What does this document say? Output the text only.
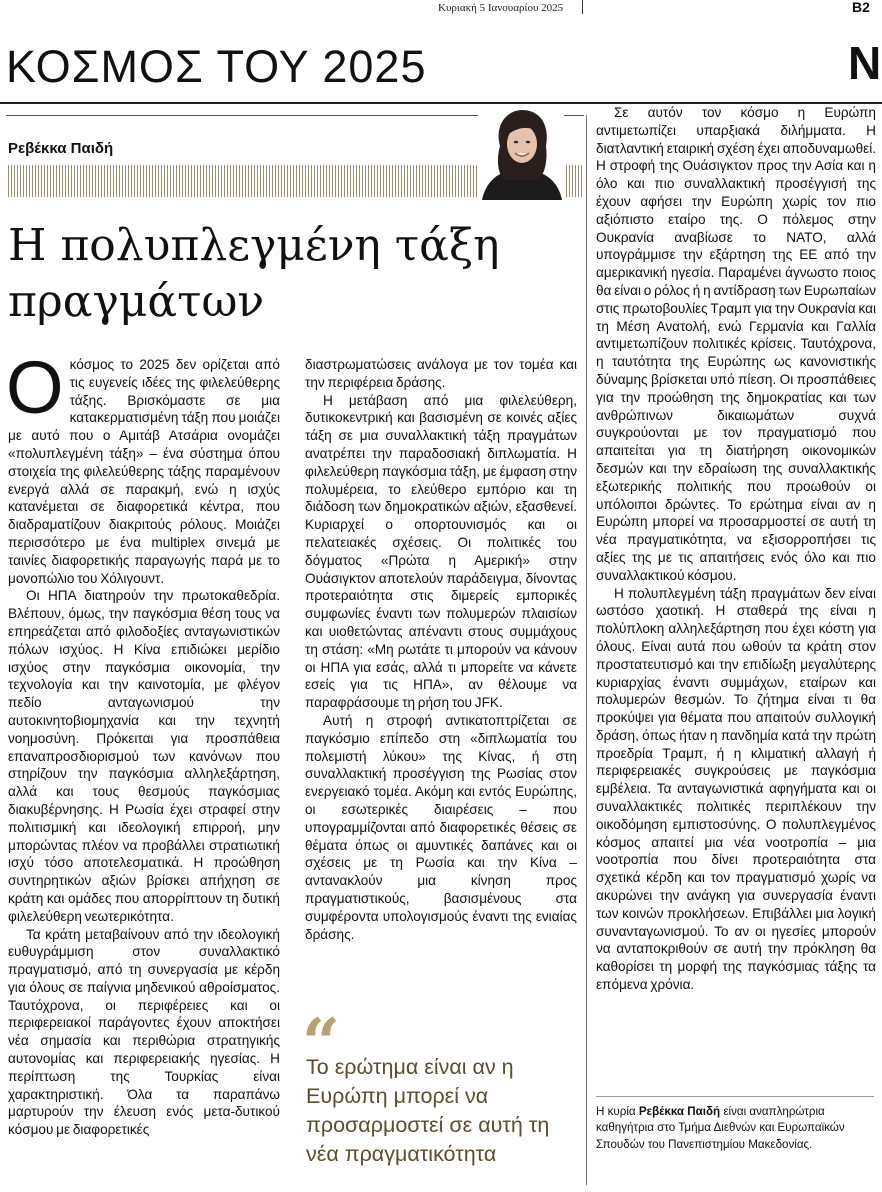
Κυριακή 5 Ιανουαρίου 2025	B2
ΚΟΣΜΟΣ ΤΟΥ 2025	N
Ρεβέκκα Παιδή
Η πολυπλεγμένη τάξη πραγμάτων

Οκόσμος το 2025 δεν ορίζεται από τις ευγενείς ιδέες της φιλελεύθερης τάξης. Βρισκόμαστε σε μια κατακερματισμένη τάξη που μοιάζει με αυτό που ο Αμιτάβ Ατσάρια ονομάζει «πολυπλεγμένη τάξη» – ένα σύστημα όπου στοιχεία της φιλελεύθερης τάξης παραμένουν ενεργά αλλά σε παρακμή, ενώ η ισχύς κατανέμεται σε διαφορετικά κέντρα, που διαδραματίζουν διακριτούς ρόλους. Μοιάζει περισσότερο με ένα multiplex σινεμά με ταινίες διαφορετικής παραγωγής παρά με το μονοπώλιο του Χόλιγουντ.

Οι ΗΠΑ διατηρούν την πρωτοκαθεδρία. Βλέπουν, όμως, την παγκόσμια θέση τους να επηρεάζεται από φιλοδοξίες ανταγωνιστικών πόλων ισχύος. Η Κίνα επιδιώκει μερίδιο ισχύος στην παγκόσμια οικονομία, την τεχνολογία και την καινοτομία, με φλέγον πεδίο ανταγωνισμού την αυτοκινητοβιομηχανία και την τεχνητή νοημοσύνη. Πρόκειται για προσπάθεια επαναπροσδιορισμού των κανόνων που στηρίζουν την παγκόσμια αλληλεξάρτηση, αλλά και τους θεσμούς παγκόσμιας διακυβέρνησης. Η Ρωσία έχει στραφεί στην πολιτισμική και ιδεολογική επιρροή, μην μπορώντας πλέον να προβάλλει στρατιωτική ισχύ τόσο αποτελεσματικά. Η προώθηση συντηρητικών αξιών βρίσκει απήχηση σε κράτη και ομάδες που απορρίπτουν τη δυτική φιλελεύθερη νεωτερικότητα.

Τα κράτη μεταβαίνουν από την ιδεολογική ευθυγράμμιση στον συναλλακτικό πραγματισμό, από τη συνεργασία με κέρδη για όλους σε παίγνια μηδενικού αθροίσματος. Ταυτόχρονα, οι περιφέρειες και οι περιφερειακοί παράγοντες έχουν αποκτήσει νέα σημασία και περιθώρια στρατηγικής αυτονομίας και περιφερειακής ηγεσίας. Η περίπτωση της Τουρκίας είναι χαρακτηριστική. Όλα τα παραπάνω μαρτυρούν την έλευση ενός μετα-δυτικού κόσμου με διαφορετικές

διαστρωματώσεις ανάλογα με τον τομέα και την περιφέρεια δράσης.

Η μετάβαση από μια φιλελεύθερη, δυτικοκεντρική και βασισμένη σε κοινές αξίες τάξη σε μια συναλλακτική τάξη πραγμάτων ανατρέπει την παραδοσιακή διπλωματία. Η φιλελεύθερη παγκόσμια τάξη, με έμφαση στην πολυμέρεια, το ελεύθερο εμπόριο και τη διάδοση των δημοκρατικών αξιών, εξασθενεί. Κυριαρχεί ο οπορτουνισμός και οι πελατειακές σχέσεις. Οι πολιτικές του δόγματος «Πρώτα η Αμερική» στην Ουάσιγκτον αποτελούν παράδειγμα, δίνοντας προτεραιότητα στις διμερείς εμπορικές συμφωνίες έναντι των πολυμερών πλαισίων και υιοθετώντας απέναντι στους συμμάχους τη στάση: «Μη ρωτάτε τι μπορούν να κάνουν οι ΗΠΑ για εσάς, αλλά τι μπορείτε να κάνετε εσείς για τις ΗΠΑ», αν θέλουμε να παραφράσουμε τη ρήση του JFK.

Αυτή η στροφή αντικατοπτρίζεται σε παγκόσμιο επίπεδο στη «διπλωματία του πολεμιστή λύκου» της Κίνας, ή στη συναλλακτική προσέγγιση της Ρωσίας στον ενεργειακό τομέα. Ακόμη και εντός Ευρώπης, οι εσωτερικές διαιρέσεις – που υπογραμμίζονται από διαφορετικές θέσεις σε θέματα όπως οι αμυντικές δαπάνες και οι σχέσεις με τη Ρωσία και την Κίνα – αντανακλούν μια κίνηση προς πραγματιστικούς, βασισμένους στα συμφέροντα υπολογισμούς έναντι της ενιαίας δράσης.

“
Το ερώτημα είναι αν η Ευρώπη μπορεί να προσαρμοστεί σε αυτή τη νέα πραγματικότητα

Σε αυτόν τον κόσμο η Ευρώπη αντιμετωπίζει υπαρξιακά διλήμματα. Η διατλαντική εταιρική σχέση έχει αποδυναμωθεί. Η στροφή της Ουάσιγκτον προς την Ασία και η όλο και πιο συναλλακτική προσέγγισή της έχουν αφήσει την Ευρώπη χωρίς τον πιο αξιόπιστο εταίρο της. Ο πόλεμος στην Ουκρανία αναβίωσε το ΝΑΤΟ, αλλά υπογράμμισε την εξάρτηση της ΕΕ από την αμερικανική ηγεσία. Παραμένει άγνωστο ποιος θα είναι ο ρόλος ή η αντίδραση των Ευρωπαίων στις πρωτοβουλίες Τραμπ για την Ουκρανία και τη Μέση Ανατολή, ενώ Γερμανία και Γαλλία αντιμετωπίζουν πολιτικές κρίσεις. Ταυτόχρονα, η ταυτότητα της Ευρώπης ως κανονιστικής δύναμης βρίσκεται υπό πίεση. Οι προσπάθειες για την προώθηση της δημοκρατίας και των ανθρώπινων δικαιωμάτων συχνά συγκρούονται με τον πραγματισμό που απαιτείται για τη διατήρηση οικονομικών δεσμών και την εδραίωση της συναλλακτικής εξωτερικής πολιτικής που προωθούν οι υπόλοιποι δρώντες. Το ερώτημα είναι αν η Ευρώπη μπορεί να προσαρμοστεί σε αυτή τη νέα πραγματικότητα, να εξισορροπήσει τις αξίες της με τις απαιτήσεις ενός όλο και πιο συναλλακτικού κόσμου.

Η πολυπλεγμένη τάξη πραγμάτων δεν είναι ωστόσο χαοτική. Η σταθερά της είναι η πολύπλοκη αλληλεξάρτηση που έχει κόστη για όλους. Είναι αυτά που ωθούν τα κράτη στον προστατευτισμό και την επιδίωξη μεγαλύτερης κυριαρχίας έναντι συμμάχων, εταίρων και πολυμερών θεσμών. Το ζήτημα είναι τι θα προκύψει για θέματα που απαιτούν συλλογική δράση, όπως ήταν η πανδημία κατά την πρώτη προεδρία Τραμπ, ή η κλιματική αλλαγή ή περιφερειακές συγκρούσεις με παγκόσμια εμβέλεια. Τα ανταγωνιστικά αφηγήματα και οι συναλλακτικές πολιτικές περιπλέκουν την οικοδόμηση εμπιστοσύνης. Ο πολυπλεγμένος κόσμος απαιτεί μια νέα νοοτροπία – μια νοοτροπία που δίνει προτεραιότητα στα σχετικά κέρδη και τον πραγματισμό χωρίς να ακυρώνει την ανάγκη για συνεργασία έναντι των κοινών προκλήσεων. Επιβάλλει μια λογική συνανταγωνισμού. Το αν οι ηγεσίες μπορούν να ανταποκριθούν σε αυτή την πρόκληση θα καθορίσει τη μορφή της παγκόσμιας τάξης τα επόμενα χρόνια.

Η κυρία Ρεβέκκα Παιδή είναι αναπληρώτρια καθηγήτρια στο Τμήμα Διεθνών και Ευρωπαϊκών Σπουδών του Πανεπιστημίου Μακεδονίας.
